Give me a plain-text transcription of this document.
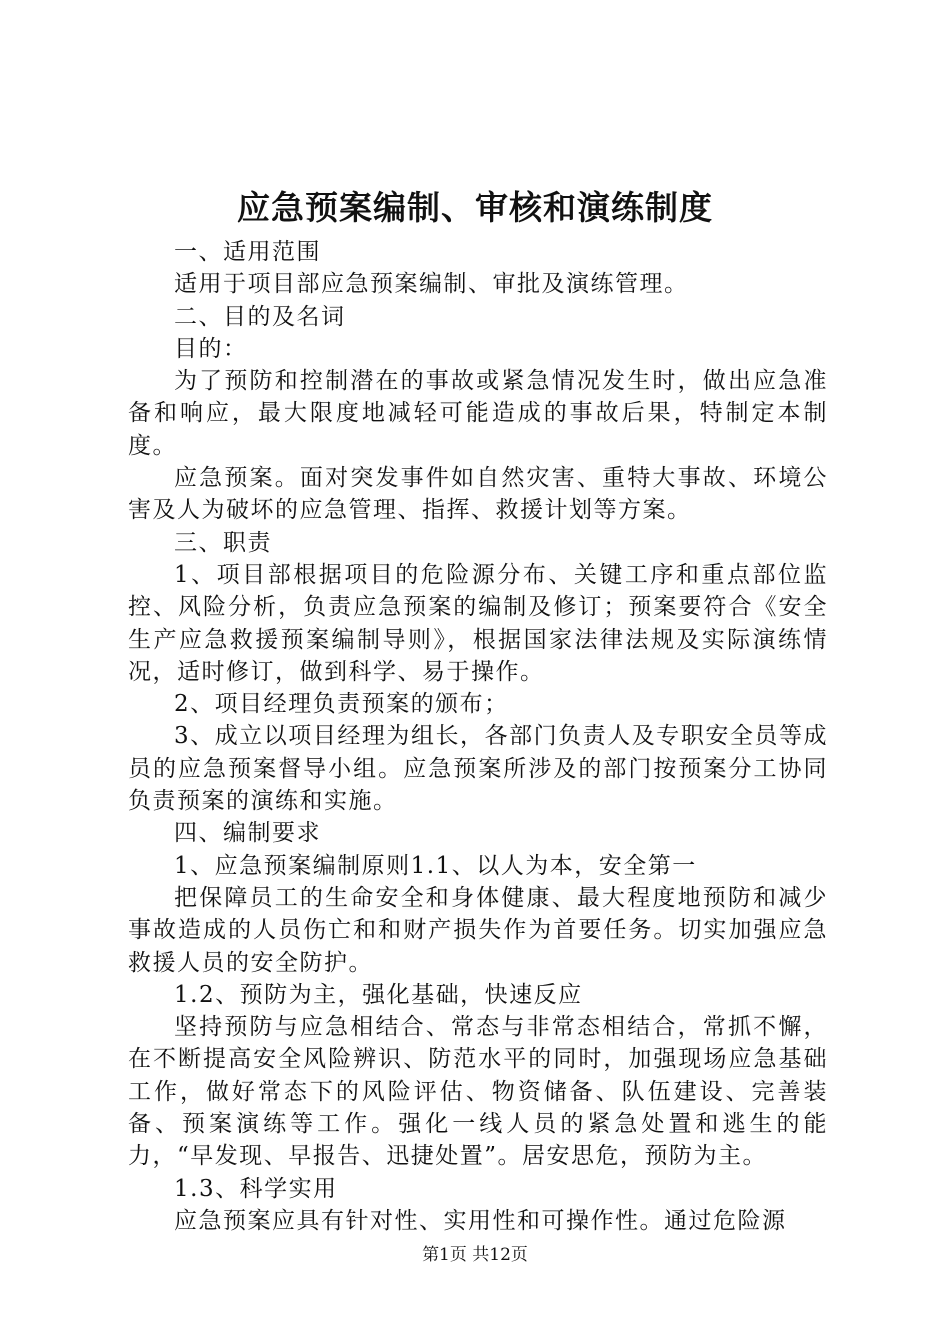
应急预案编制、审核和演练制度

一、适用范围

适用于项目部应急预案编制、审批及演练管理。

二、目的及名词

目的：

为了预防和控制潜在的事故或紧急情况发生时，做出应急准备和响应，最大限度地减轻可能造成的事故后果，特制定本制度。

应急预案。面对突发事件如自然灾害、重特大事故、环境公害及人为破坏的应急管理、指挥、救援计划等方案。

三、职责

1、项目部根据项目的危险源分布、关键工序和重点部位监控、风险分析，负责应急预案的编制及修订；预案要符合《安全生产应急救援预案编制导则》，根据国家法律法规及实际演练情况，适时修订，做到科学、易于操作。

2、项目经理负责预案的颁布；

3、成立以项目经理为组长，各部门负责人及专职安全员等成员的应急预案督导小组。应急预案所涉及的部门按预案分工协同负责预案的演练和实施。

四、编制要求

1、应急预案编制原则1.1、以人为本，安全第一

把保障员工的生命安全和身体健康、最大程度地预防和减少事故造成的人员伤亡和和财产损失作为首要任务。切实加强应急救援人员的安全防护。

1.2、预防为主，强化基础，快速反应

坚持预防与应急相结合、常态与非常态相结合，常抓不懈，在不断提高安全风险辨识、防范水平的同时，加强现场应急基础工作，做好常态下的风险评估、物资储备、队伍建设、完善装备、预案演练等工作。强化一线人员的紧急处置和逃生的能力，“早发现、早报告、迅捷处置”。居安思危，预防为主。

1.3、科学实用

应急预案应具有针对性、实用性和可操作性。通过危险源

第1页 共12页
